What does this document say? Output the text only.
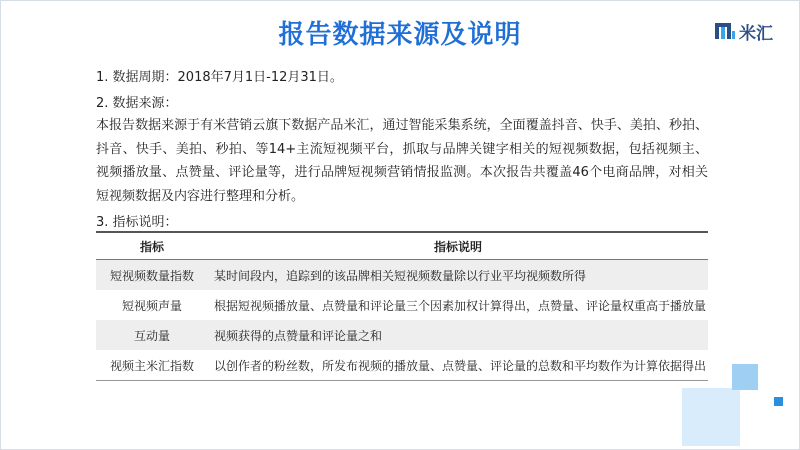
报告数据来源及说明	米汇
1. 数据周期：2018年7月1日-12月31日。
2. 数据来源：
本报告数据来源于有米营销云旗下数据产品米汇，通过智能采集系统，全面覆盖抖音、快手、美拍、秒拍、抖音、快手、美拍、秒拍、等14+主流短视频平台，抓取与品牌关键字相关的短视频数据，包括视频主、视频播放量、点赞量、评论量等，进行品牌短视频营销情报监测。本次报告共覆盖46个电商品牌，对相关短视频数据及内容进行整理和分析。
3. 指标说明：
指标	指标说明
短视频数量指数	某时间段内，追踪到的该品牌相关短视频数量除以行业平均视频数所得
短视频声量	根据短视频播放量、点赞量和评论量三个因素加权计算得出，点赞量、评论量权重高于播放量
互动量	视频获得的点赞量和评论量之和
视频主米汇指数	以创作者的粉丝数，所发布视频的播放量、点赞量、评论量的总数和平均数作为计算依据得出
